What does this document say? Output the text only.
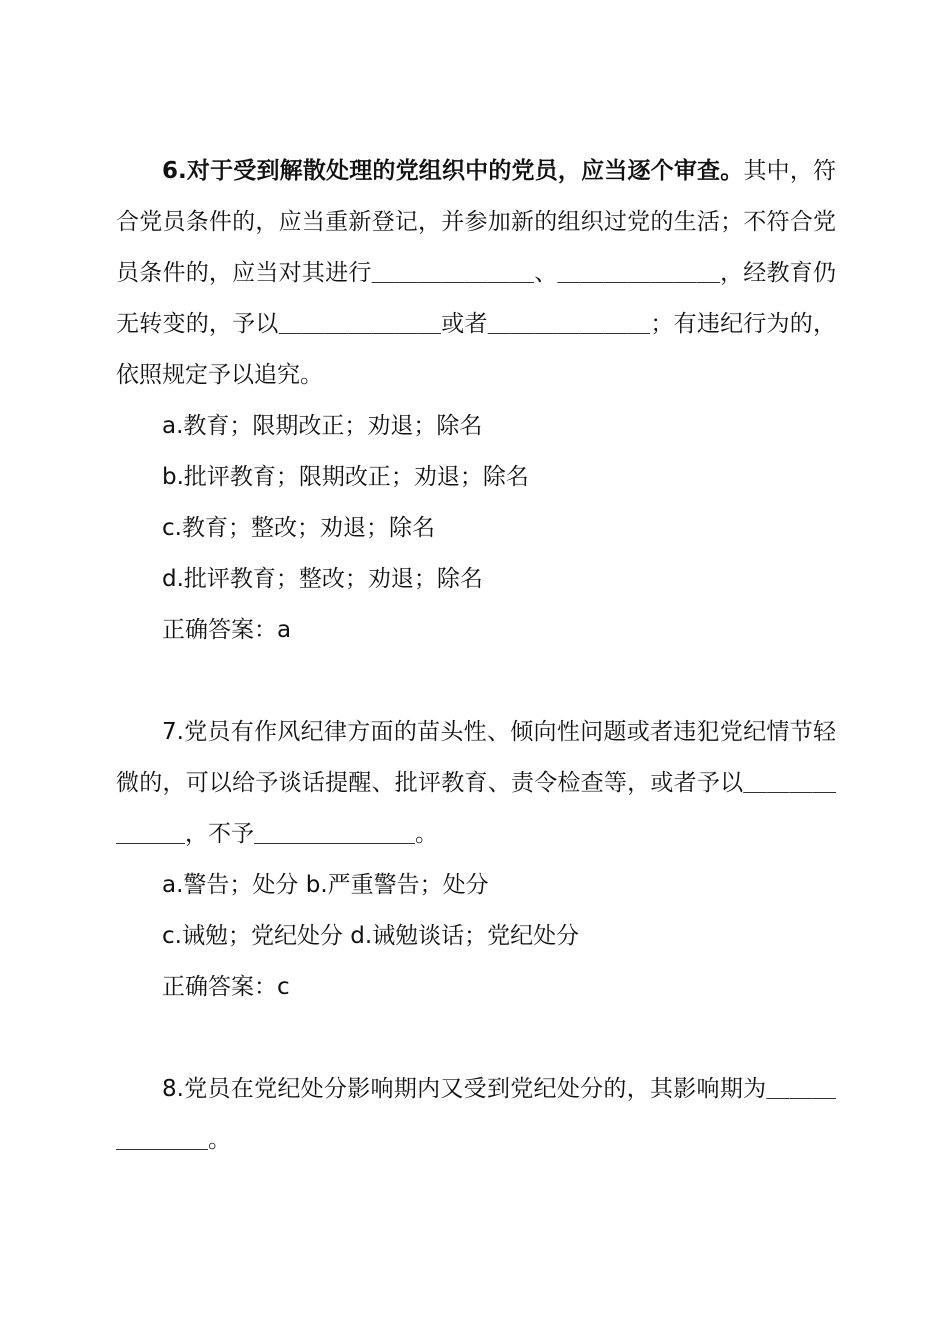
6.对于受到解散处理的党组织中的党员，应当逐个审查。其中，符合党员条件的，应当重新登记，并参加新的组织过党的生活；不符合党员条件的，应当对其进行＿＿＿＿＿＿＿、＿＿＿＿＿＿＿，经教育仍无转变的，予以＿＿＿＿＿＿＿或者＿＿＿＿＿＿＿；有违纪行为的，依照规定予以追究。

a.教育；限期改正；劝退；除名

b.批评教育；限期改正；劝退；除名

c.教育；整改；劝退；除名

d.批评教育；整改；劝退；除名

正确答案：a

7.党员有作风纪律方面的苗头性、倾向性问题或者违犯党纪情节轻微的，可以给予谈话提醒、批评教育、责令检查等，或者予以＿＿＿＿＿＿＿，不予＿＿＿＿＿＿＿。

a.警告；处分 b.严重警告；处分

c.诫勉；党纪处分 d.诫勉谈话；党纪处分

正确答案：c

8.党员在党纪处分影响期内又受到党纪处分的，其影响期为＿＿＿＿＿＿＿。
